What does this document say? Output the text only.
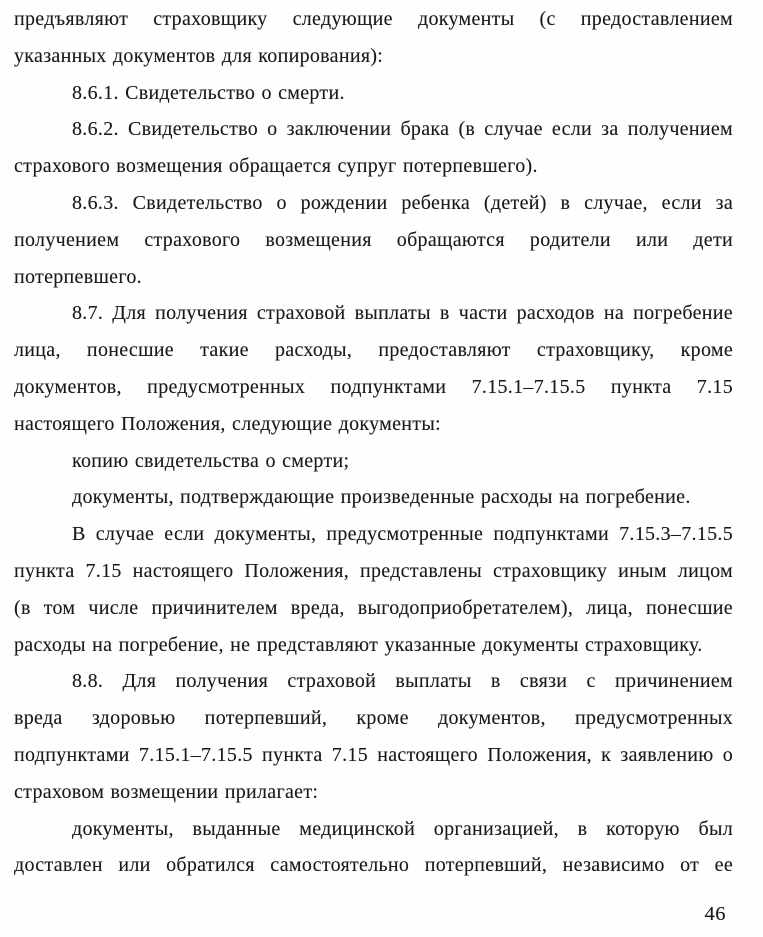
предъявляют страховщику следующие документы (с предоставлением
указанных документов для копирования):
8.6.1. Свидетельство о смерти.
8.6.2. Свидетельство о заключении брака (в случае если за получением
страхового возмещения обращается супруг потерпевшего).
8.6.3. Свидетельство о рождении ребенка (детей) в случае, если за
получением страхового возмещения обращаются родители или дети
потерпевшего.
8.7. Для получения страховой выплаты в части расходов на погребение
лица, понесшие такие расходы, предоставляют страховщику, кроме
документов, предусмотренных подпунктами 7.15.1–7.15.5 пункта 7.15
настоящего Положения, следующие документы:
копию свидетельства о смерти;
документы, подтверждающие произведенные расходы на погребение.
В случае если документы, предусмотренные подпунктами 7.15.3–7.15.5
пункта 7.15 настоящего Положения, представлены страховщику иным лицом
(в том числе причинителем вреда, выгодоприобретателем), лица, понесшие
расходы на погребение, не представляют указанные документы страховщику.
8.8. Для получения страховой выплаты в связи с причинением
вреда здоровью потерпевший, кроме документов, предусмотренных
подпунктами 7.15.1–7.15.5 пункта 7.15 настоящего Положения, к заявлению о
страховом возмещении прилагает:
документы, выданные медицинской организацией, в которую был
доставлен или обратился самостоятельно потерпевший, независимо от ее
46
